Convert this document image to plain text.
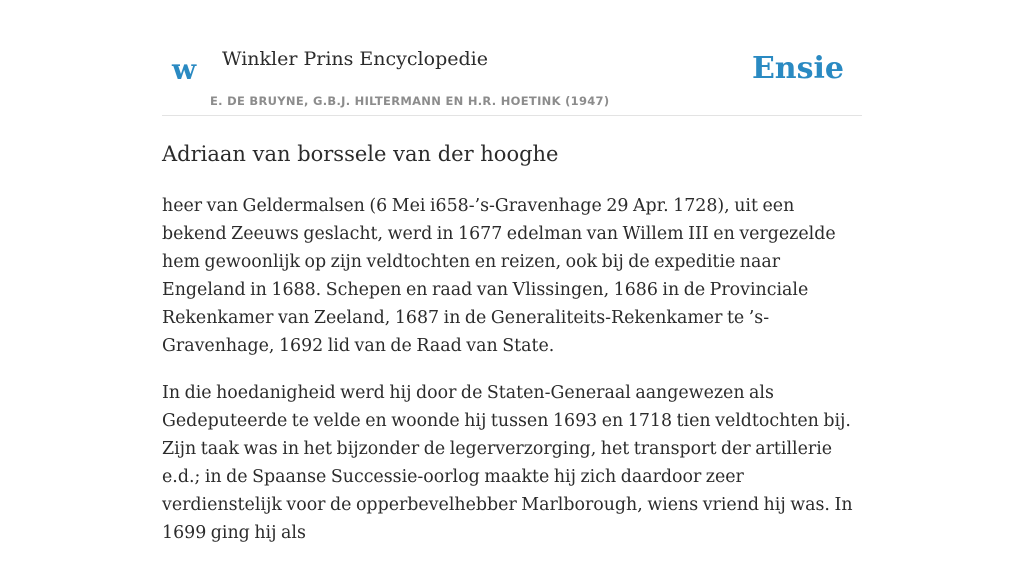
w Winkler Prins Encyclopedie
E. DE BRUYNE, G.B.J. HILTERMANN EN H.R. HOETINK (1947)
Ensie
Adriaan van borssele van der hooghe

heer van Geldermalsen (6 Mei i658-’s-Gravenhage 29 Apr. 1728), uit een bekend Zeeuws geslacht, werd in 1677 edelman van Willem III en vergezelde hem gewoonlijk op zijn veldtochten en reizen, ook bij de expeditie naar Engeland in 1688. Schepen en raad van Vlissingen, 1686 in de Provinciale Rekenkamer van Zeeland, 1687 in de Generaliteits-Rekenkamer te ’s-Gravenhage, 1692 lid van de Raad van State.

In die hoedanigheid werd hij door de Staten-Generaal aangewezen als Gedeputeerde te velde en woonde hij tussen 1693 en 1718 tien veldtochten bij. Zijn taak was in het bijzonder de legerverzorging, het transport der artillerie e.d.; in de Spaanse Successie-oorlog maakte hij zich daardoor zeer verdienstelijk voor de opperbevelhebber Marlborough, wiens vriend hij was. In 1699 ging hij als
